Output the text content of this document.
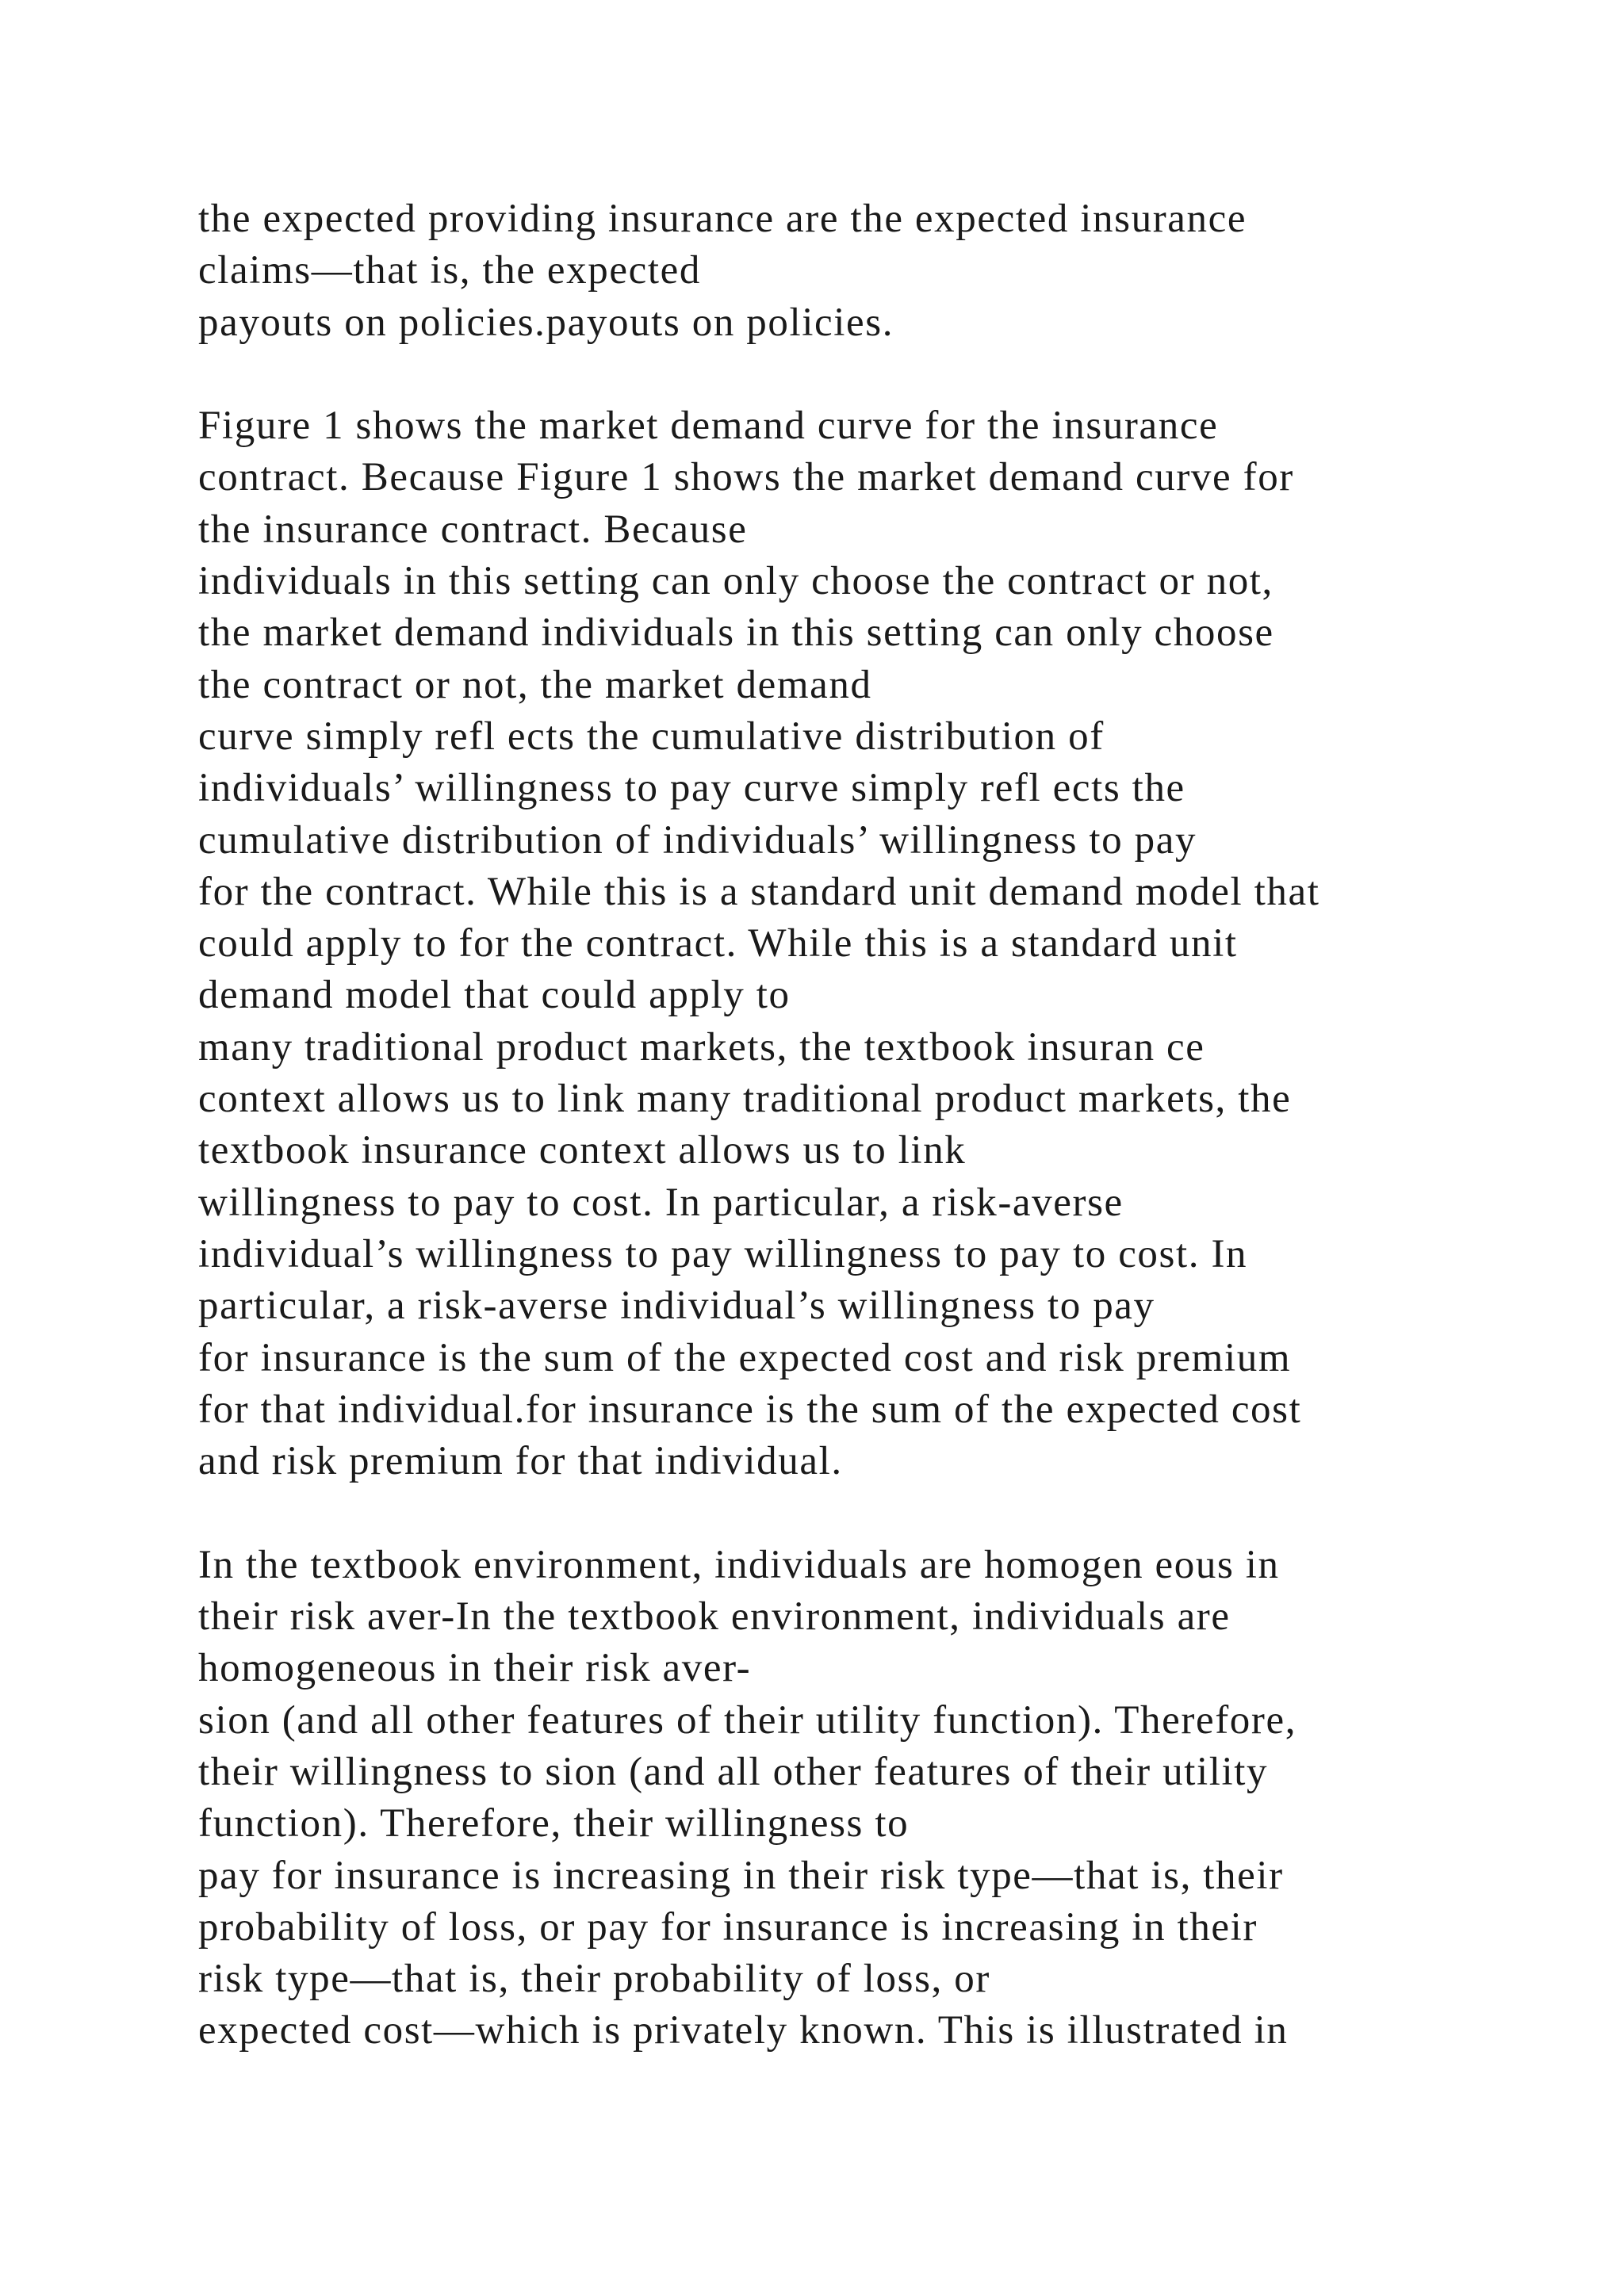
the expected providing insurance are the expected insurance
claims—that is, the expected
payouts on policies.payouts on policies.
Figure 1 shows the market demand curve for the insurance
contract. Because Figure 1 shows the market demand curve for
the insurance contract. Because
individuals in this setting can only choose the contract or not,
the market demand individuals in this setting can only choose
the contract or not, the market demand
curve simply refl ects the cumulative distribution of
individuals’ willingness to pay curve simply refl ects the
cumulative distribution of individuals’ willingness to pay
for the contract. While this is a standard unit demand model that
could apply to for the contract. While this is a standard unit
demand model that could apply to
many traditional product markets, the textbook insuran ce
context allows us to link many traditional product markets, the
textbook insurance context allows us to link
willingness to pay to cost. In particular, a risk-averse
individual’s willingness to pay willingness to pay to cost. In
particular, a risk-averse individual’s willingness to pay
for insurance is the sum of the expected cost and risk premium
for that individual.for insurance is the sum of the expected cost
and risk premium for that individual.
In the textbook environment, individuals are homogen eous in
their risk aver-In the textbook environment, individuals are
homogeneous in their risk aver-
sion (and all other features of their utility function). Therefore,
their willingness to sion (and all other features of their utility
function). Therefore, their willingness to
pay for insurance is increasing in their risk type—that is, their
probability of loss, or pay for insurance is increasing in their
risk type—that is, their probability of loss, or
expected cost—which is privately known. This is illustrated in
